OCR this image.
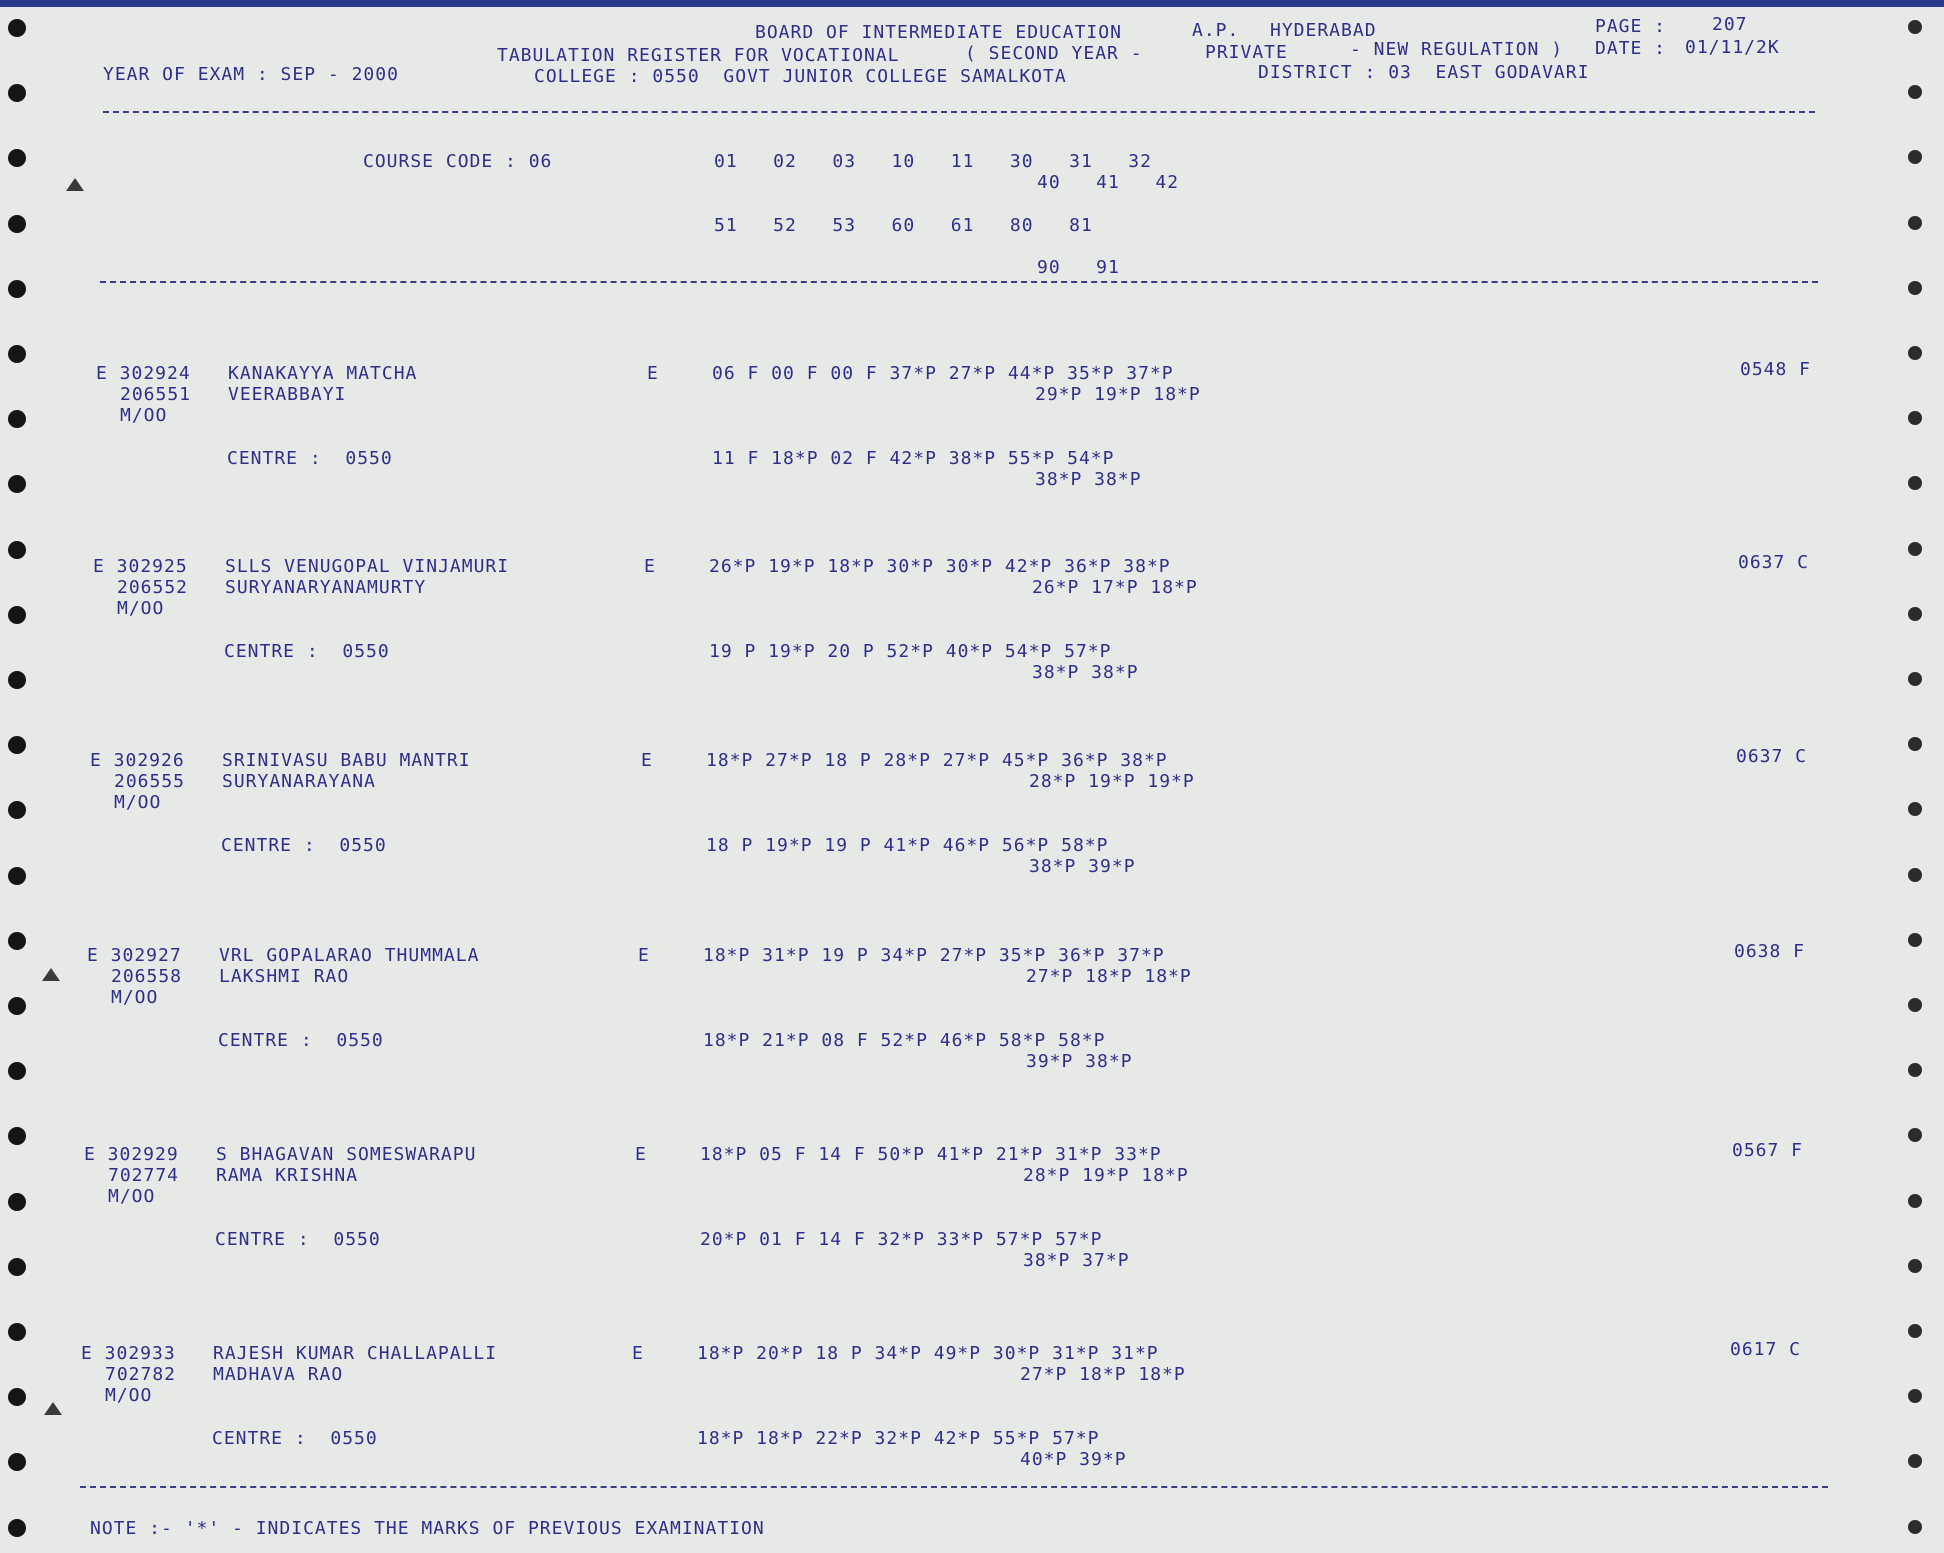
BOARD OF INTERMEDIATE EDUCATION	A.P. HYDERABAD	PAGE :	207
TABULATION REGISTER FOR VOCATIONAL	( SECOND YEAR -	PRIVATE	- NEW REGULATION ) DATE : 01/11/2K
YEAR OF EXAM : SEP - 2000	COLLEGE : 0550  GOVT JUNIOR COLLEGE SAMALKOTA	DISTRICT : 03  EAST GODAVARI
COURSE CODE : 06	01   02   03   10   11   30   31   32
40   41   42
51   52   53   60   61   80   81
90   91
E 302924 KANAKAYYA MATCHA
206551 VEERABBAYI
M/OO
E	06 F 00 F 00 F 37*P 27*P 44*P 35*P 37*P
29*P 19*P 18*P
CENTRE :  0550	11 F 18*P 02 F 42*P 38*P 55*P 54*P
38*P 38*P
0548 F
E 302925 SLLS VENUGOPAL VINJAMURI
206552 SURYANARYANAMURTY
M/OO
E	26*P 19*P 18*P 30*P 30*P 42*P 36*P 38*P
26*P 17*P 18*P
CENTRE :  0550	19 P 19*P 20 P 52*P 40*P 54*P 57*P
38*P 38*P
0637 C
E 302926 SRINIVASU BABU MANTRI
206555 SURYANARAYANA
M/OO
E	18*P 27*P 18 P 28*P 27*P 45*P 36*P 38*P
28*P 19*P 19*P
CENTRE :  0550	18 P 19*P 19 P 41*P 46*P 56*P 58*P
38*P 39*P
0637 C
E 302927 VRL GOPALARAO THUMMALA
206558 LAKSHMI RAO
M/OO
E	18*P 31*P 19 P 34*P 27*P 35*P 36*P 37*P
27*P 18*P 18*P
CENTRE :  0550	18*P 21*P 08 F 52*P 46*P 58*P 58*P
39*P 38*P
0638 F
E 302929 S BHAGAVAN SOMESWARAPU
702774 RAMA KRISHNA
M/OO
E	18*P 05 F 14 F 50*P 41*P 21*P 31*P 33*P
28*P 19*P 18*P
CENTRE :  0550	20*P 01 F 14 F 32*P 33*P 57*P 57*P
38*P 37*P
0567 F
E 302933 RAJESH KUMAR CHALLAPALLI
702782 MADHAVA RAO
M/OO
E	18*P 20*P 18 P 34*P 49*P 30*P 31*P 31*P
27*P 18*P 18*P
CENTRE :  0550	18*P 18*P 22*P 32*P 42*P 55*P 57*P
40*P 39*P
0617 C
NOTE :- '*' - INDICATES THE MARKS OF PREVIOUS EXAMINATION
